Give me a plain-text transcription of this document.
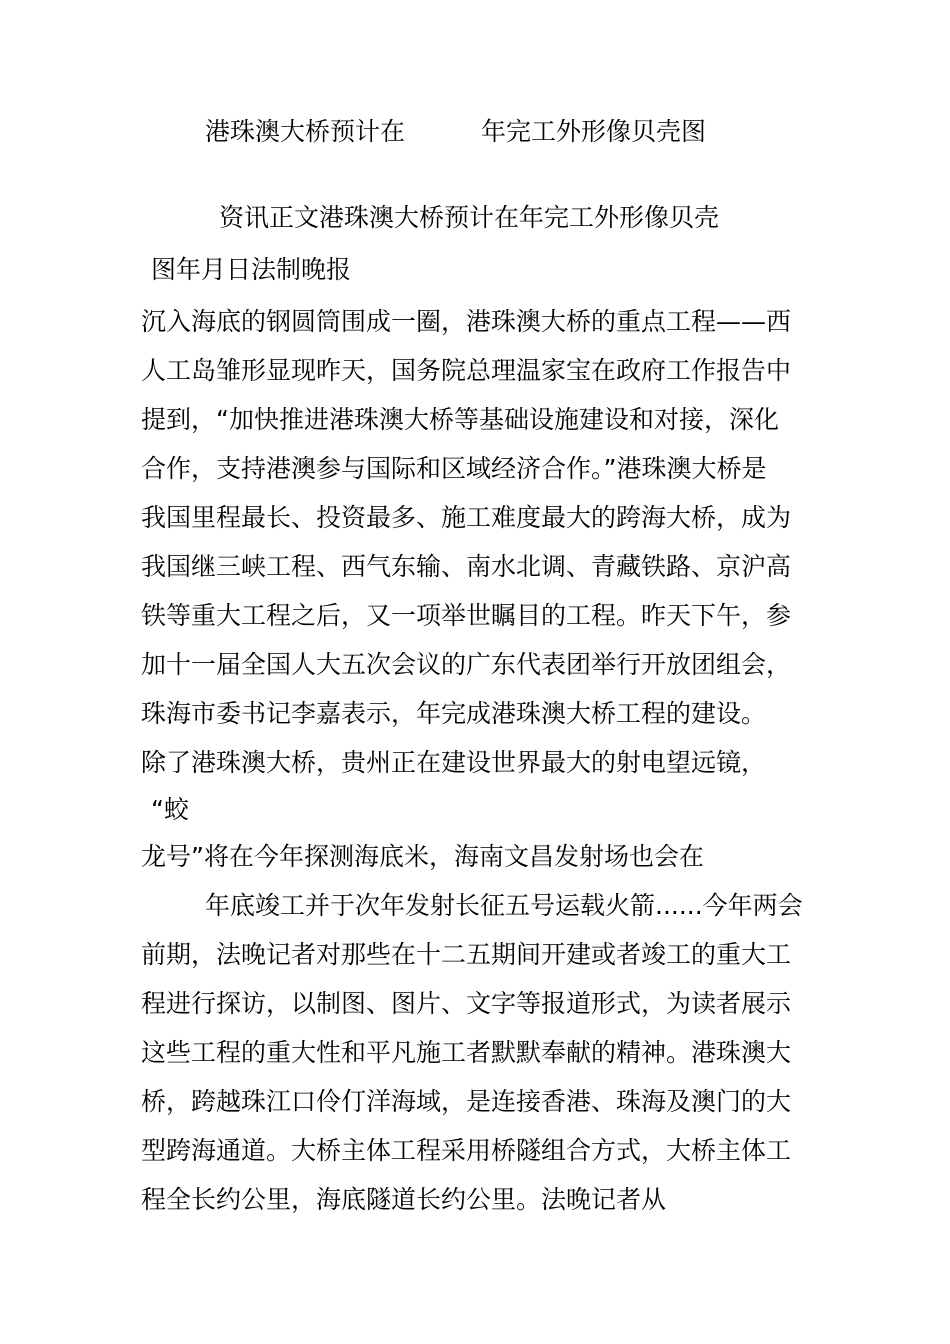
港珠澳大桥预计在	年完工外形像贝壳图
资讯正文港珠澳大桥预计在年完工外形像贝壳
图年月日法制晚报
沉入海底的钢圆筒围成一圈，港珠澳大桥的重点工程——西
人工岛雏形显现昨天，国务院总理温家宝在政府工作报告中
提到，“加快推进港珠澳大桥等基础设施建设和对接，深化
合作，支持港澳参与国际和区域经济合作。”港珠澳大桥是
我国里程最长、投资最多、施工难度最大的跨海大桥，成为
我国继三峡工程、西气东输、南水北调、青藏铁路、京沪高
铁等重大工程之后，又一项举世瞩目的工程。昨天下午，参
加十一届全国人大五次会议的广东代表团举行开放团组会，
珠海市委书记李嘉表示，年完成港珠澳大桥工程的建设。
除了港珠澳大桥，贵州正在建设世界最大的射电望远镜，
“蛟
龙号”将在今年探测海底米，海南文昌发射场也会在
年底竣工并于次年发射长征五号运载火箭......今年两会
前期，法晚记者对那些在十二五期间开建或者竣工的重大工
程进行探访，以制图、图片、文字等报道形式，为读者展示
这些工程的重大性和平凡施工者默默奉献的精神。港珠澳大
桥，跨越珠江口伶仃洋海域，是连接香港、珠海及澳门的大
型跨海通道。大桥主体工程采用桥隧组合方式，大桥主体工
程全长约公里，海底隧道长约公里。法晚记者从
